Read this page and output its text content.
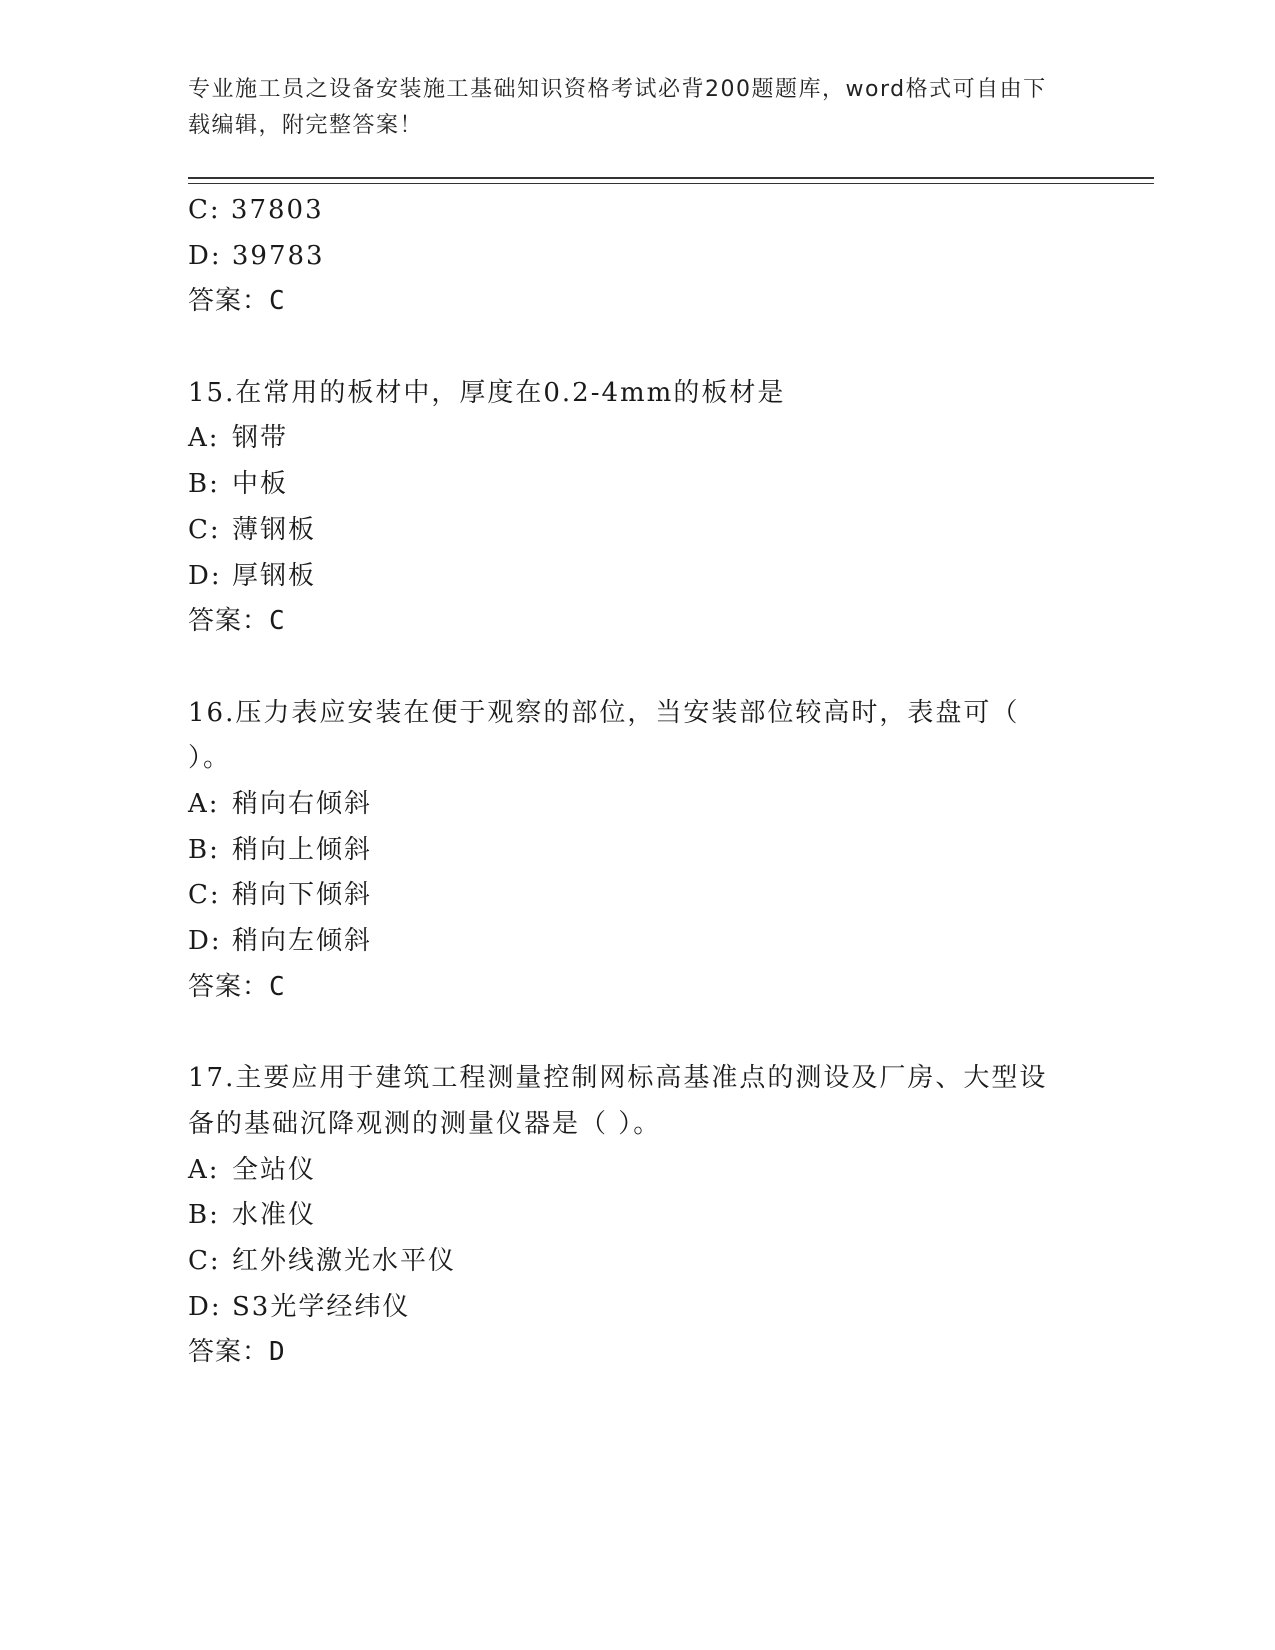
专业施工员之设备安装施工基础知识资格考试必背200题题库，word格式可自由下载编辑，附完整答案！
C: 37803
D: 39783
答案：C
15.在常用的板材中，厚度在0.2-4mm的板材是
A: 钢带
B: 中板
C: 薄钢板
D: 厚钢板
答案：C
16.压力表应安装在便于观察的部位，当安装部位较高时，表盘可（ ）。
A: 稍向右倾斜
B: 稍向上倾斜
C: 稍向下倾斜
D: 稍向左倾斜
答案：C
17.主要应用于建筑工程测量控制网标高基准点的测设及厂房、大型设备的基础沉降观测的测量仪器是（ ）。
A: 全站仪
B: 水准仪
C: 红外线激光水平仪
D: S3光学经纬仪
答案：D
